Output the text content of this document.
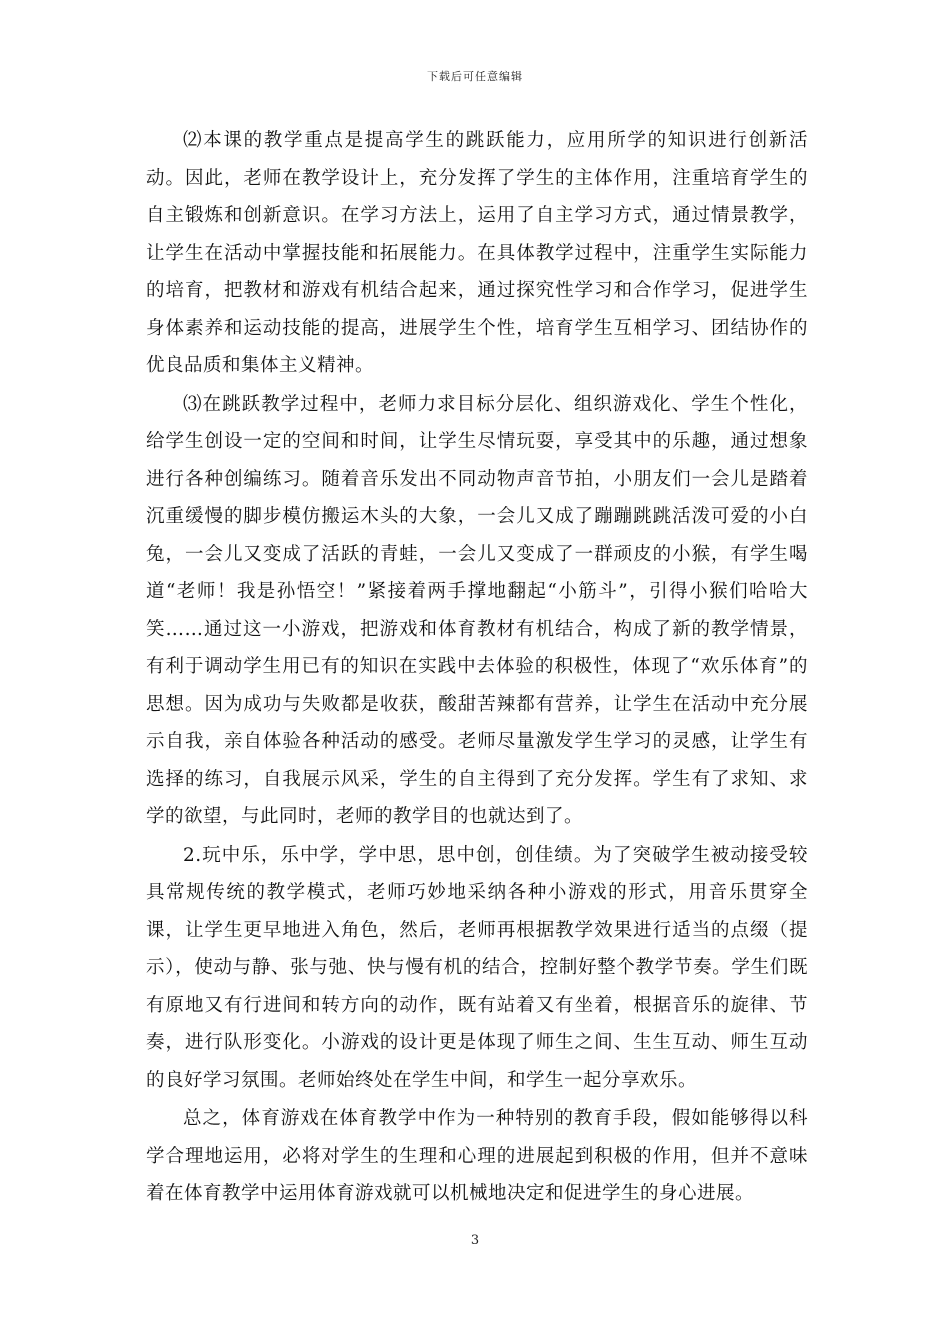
下载后可任意编辑

⑵本课的教学重点是提高学生的跳跃能力，应用所学的知识进行创新活动。因此，老师在教学设计上，充分发挥了学生的主体作用，注重培育学生的自主锻炼和创新意识。在学习方法上，运用了自主学习方式，通过情景教学，让学生在活动中掌握技能和拓展能力。在具体教学过程中，注重学生实际能力的培育，把教材和游戏有机结合起来，通过探究性学习和合作学习，促进学生身体素养和运动技能的提高，进展学生个性，培育学生互相学习、团结协作的优良品质和集体主义精神。

⑶在跳跃教学过程中，老师力求目标分层化、组织游戏化、学生个性化，给学生创设一定的空间和时间，让学生尽情玩耍，享受其中的乐趣，通过想象进行各种创编练习。随着音乐发出不同动物声音节拍，小朋友们一会儿是踏着沉重缓慢的脚步模仿搬运木头的大象，一会儿又成了蹦蹦跳跳活泼可爱的小白兔，一会儿又变成了活跃的青蛙，一会儿又变成了一群顽皮的小猴，有学生喝道“老师！我是孙悟空！”紧接着两手撑地翻起“小筋斗”，引得小猴们哈哈大笑……通过这一小游戏，把游戏和体育教材有机结合，构成了新的教学情景，有利于调动学生用已有的知识在实践中去体验的积极性，体现了“欢乐体育”的思想。因为成功与失败都是收获，酸甜苦辣都有营养，让学生在活动中充分展示自我，亲自体验各种活动的感受。老师尽量激发学生学习的灵感，让学生有选择的练习，自我展示风采，学生的自主得到了充分发挥。学生有了求知、求学的欲望，与此同时，老师的教学目的也就达到了。

2.玩中乐，乐中学，学中思，思中创，创佳绩。为了突破学生被动接受较具常规传统的教学模式，老师巧妙地采纳各种小游戏的形式，用音乐贯穿全课，让学生更早地进入角色，然后，老师再根据教学效果进行适当的点缀（提示），使动与静、张与弛、快与慢有机的结合，控制好整个教学节奏。学生们既有原地又有行进间和转方向的动作，既有站着又有坐着，根据音乐的旋律、节奏，进行队形变化。小游戏的设计更是体现了师生之间、生生互动、师生互动的良好学习氛围。老师始终处在学生中间，和学生一起分享欢乐。

总之，体育游戏在体育教学中作为一种特别的教育手段，假如能够得以科学合理地运用，必将对学生的生理和心理的进展起到积极的作用，但并不意味着在体育教学中运用体育游戏就可以机械地决定和促进学生的身心进展。

3
